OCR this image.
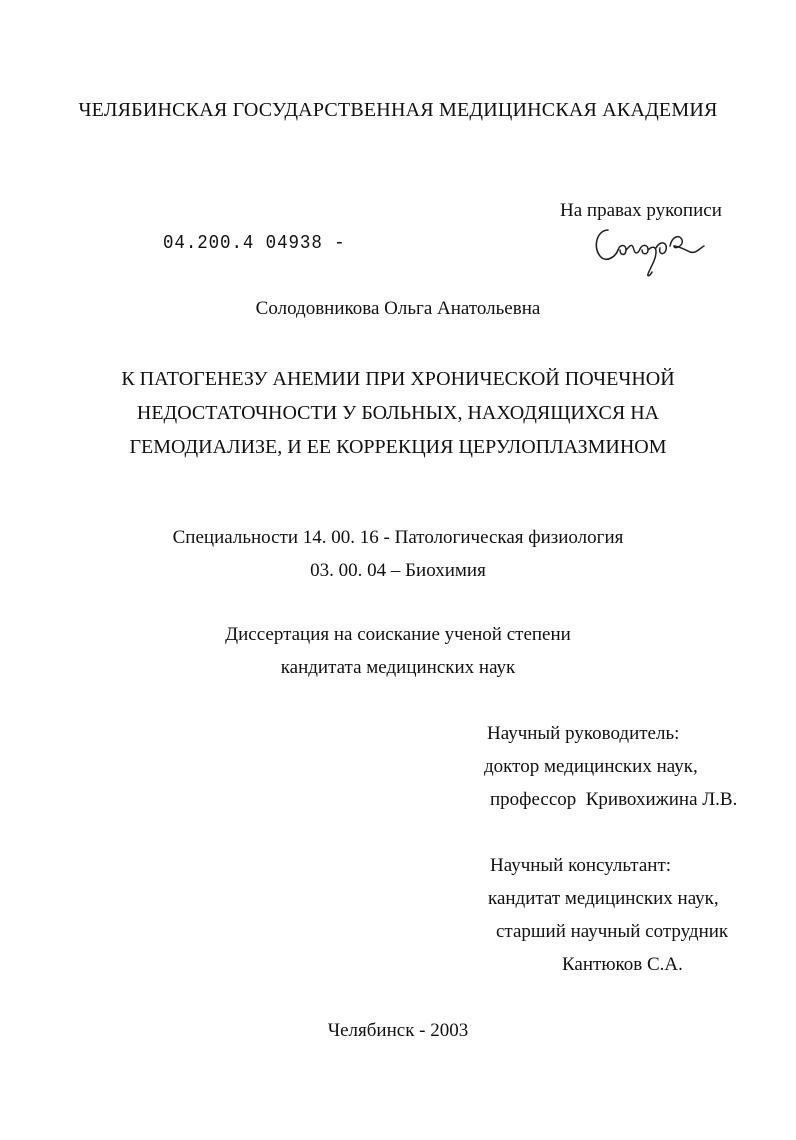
ЧЕЛЯБИНСКАЯ ГОСУДАРСТВЕННАЯ МЕДИЦИНСКАЯ АКАДЕМИЯ
На правах рукописи
04.200.4 04938 -
Солодовникова Ольга Анатольевна
К ПАТОГЕНЕЗУ АНЕМИИ ПРИ ХРОНИЧЕСКОЙ ПОЧЕЧНОЙ
НЕДОСТАТОЧНОСТИ У БОЛЬНЫХ, НАХОДЯЩИХСЯ НА
ГЕМОДИАЛИЗЕ, И ЕЕ КОРРЕКЦИЯ ЦЕРУЛОПЛАЗМИНОМ
Специальности 14. 00. 16 - Патологическая физиология
03. 00. 04 – Биохимия
Диссертация на соискание ученой степени
кандитата медицинских наук
Научный руководитель:
доктор медицинских наук,
профессор  Кривохижина Л.В.
Научный консультант:
кандитат медицинских наук,
старший научный сотрудник
Кантюков С.А.
Челябинск - 2003
